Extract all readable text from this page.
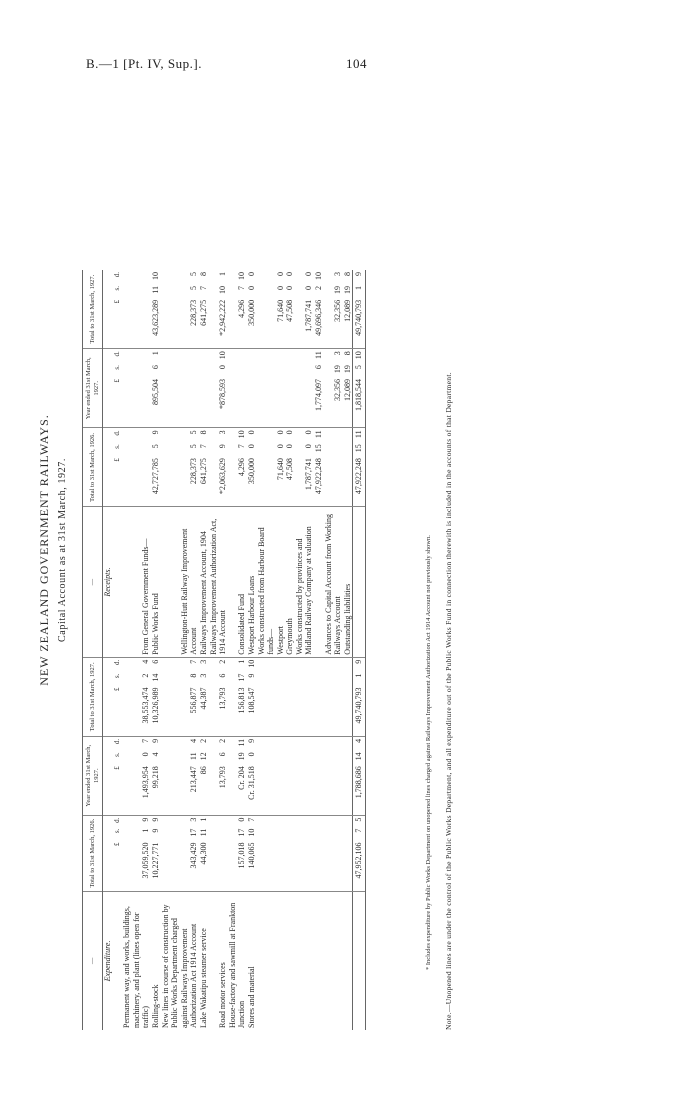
B.—1 [Pt. IV, Sup.].	104
NEW ZEALAND GOVERNMENT RAILWAYS. Capital Account as at 31st March, 1927.
—	Total to 31st March, 1926.			Year ended 31st March, 1927.			Total to 31st March, 1927.			—	Total to 31st March, 1926.			Year ended 31st March, 1927.			Total to 31st March, 1927.		
Expenditure.										Receipts.									
	£	s.	d.	£	s.	d.	£	s.	d.		£	s.	d.	£	s.	d.	£	s.	d.
Permanent way, and works, buildings, machinery, and plant (lines open for traffic)	37,059,520	1	9	1,493,954	0	7	38,553,474	2	4	From General Government Funds—									
Rolling-stock	10,227,771	9	9	99,218	4	9	10,326,989	14	6	Public Works Fund	42,727,785	5	9	895,504	6	1	43,623,289	11	10
New lines in course of construction by Public Works Department charged against Railways Improvement Authorization Act 1914 Account	343,429	17	3	213,447	11	4	556,877	8	7	Wellington-Hutt Railway Improvement Account	228,373	5	5				228,373	5	5
Lake Wakatipu steamer service	44,300	11	1	86	12	2	44,387	3	3	Railways Improvement Account, 1904	641,275	7	8				641,275	7	8
Road motor services				13,793	6	2	13,793	6	2	Railways Improvement Authorization Act, 1914 Account	*2,063,629	9	3	*878,593	0	10	*2,942,222	10	1
House-factory and sawmill at Frankton Junction	157,018	17	0	Cr. 204	19	11	156,813	17	1	Consolidated Fund	4,296	7	10				4,296	7	10
Stores and material	140,065	10	7	Cr. 31,518	0	9	108,547	9	10	Westport Harbour Loans	350,000	0	0				350,000	0	0
										Works constructed from Harbour Board funds—									
										Westport	71,640	0	0				71,640	0	0
										Greymouth	47,508	0	0				47,508	0	0
										Works constructed by provinces and Midland Railway Company at valuation	1,787,741	0	0				1,787,741	0	0
											47,922,248	15	11	1,774,097	6	11	49,696,346	2	10
										Advances to Capital Account from Working Railways Account				32,356	19	3	32,356	19	3
										Outstanding liabilities				12,089	19	8	12,089	19	8
	47,952,106	7	5	1,788,686	14	4	49,740,793	1	9		47,922,248	15	11	1,818,544	5	10	49,740,793	1	9
* Includes expenditure by Public Works Department on unopened lines charged against Railways Improvement Authorization Act 1914 Account not previously shown. Note.—Unopened lines are under the control of the Public Works Department, and all expenditure out of the Public Works Fund in connection therewith is included in the accounts of that Department.
